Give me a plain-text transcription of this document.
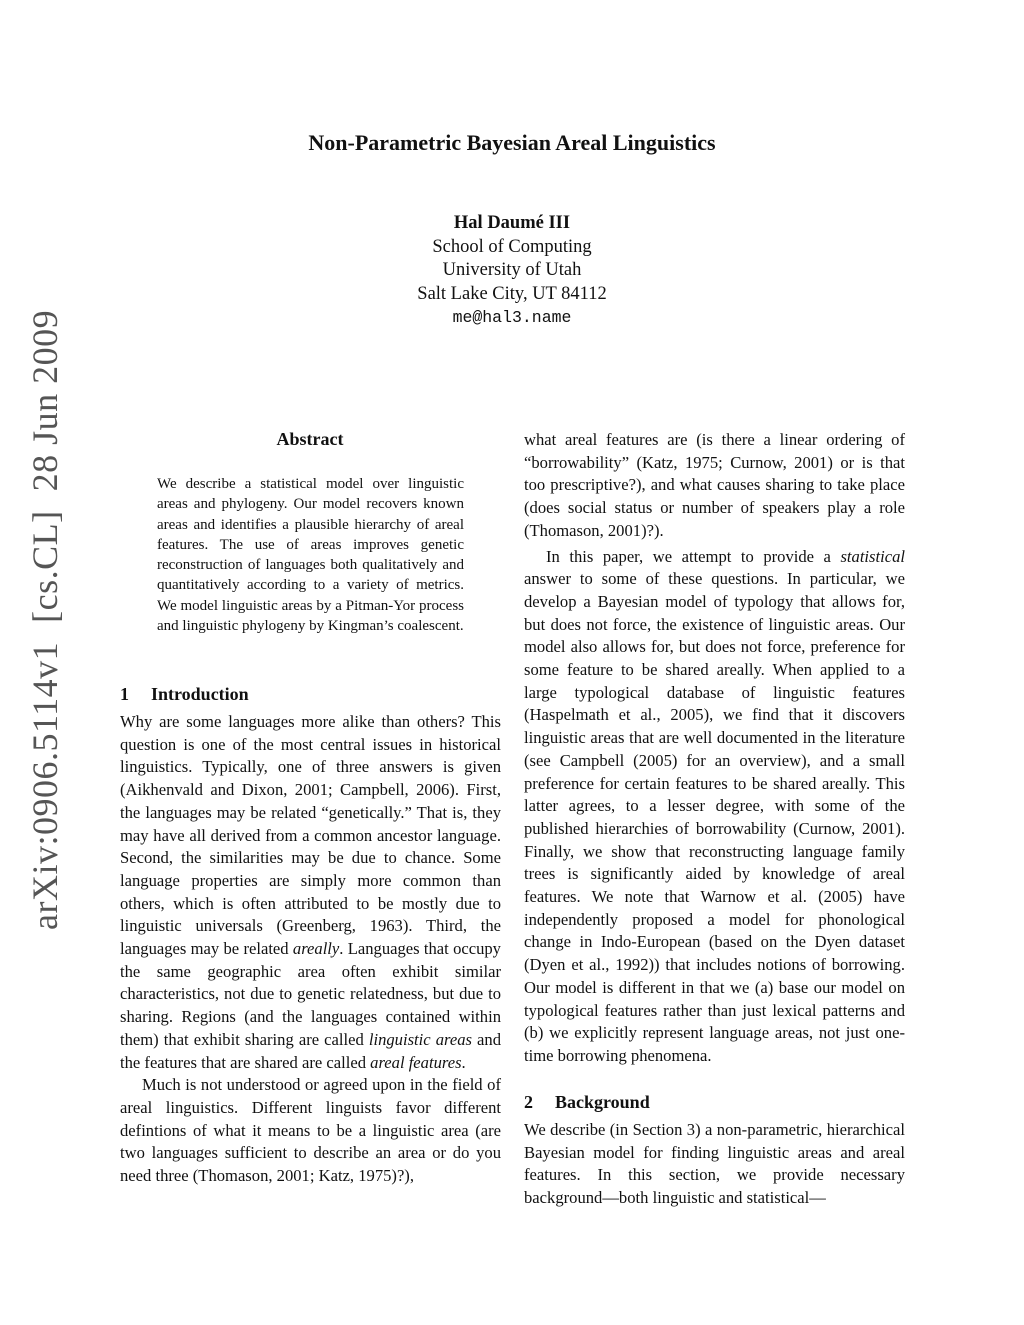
Non-Parametric Bayesian Areal Linguistics
Hal Daumé III
School of Computing
University of Utah
Salt Lake City, UT 84112
me@hal3.name
arXiv:0906.5114v1  [cs.CL]  28 Jun 2009	Abstract
We describe a statistical model over linguistic areas and phylogeny. Our model recovers known areas and identifies a plausible hierarchy of areal features. The use of areas improves genetic reconstruction of languages both qualitatively and quantitatively according to a variety of metrics. We model linguistic areas by a Pitman-Yor process and linguistic phylogeny by Kingman’s coalescent.
1 Introduction

Why are some languages more alike than others? This question is one of the most central issues in historical linguistics. Typically, one of three answers is given (Aikhenvald and Dixon, 2001; Campbell, 2006). First, the languages may be related “genetically.” That is, they may have all derived from a common ancestor language. Second, the similarities may be due to chance. Some language properties are simply more common than others, which is often attributed to be mostly due to linguistic universals (Greenberg, 1963). Third, the languages may be related areally. Languages that occupy the same geographic area often exhibit similar characteristics, not due to genetic relatedness, but due to sharing. Regions (and the languages contained within them) that exhibit sharing are called linguistic areas and the features that are shared are called areal features.

Much is not understood or agreed upon in the field of areal linguistics. Different linguists favor different defintions of what it means to be a linguistic area (are two languages sufficient to describe an area or do you need three (Thomason, 2001; Katz, 1975)?),

what areal features are (is there a linear ordering of “borrowability” (Katz, 1975; Curnow, 2001) or is that too prescriptive?), and what causes sharing to take place (does social status or number of speakers play a role (Thomason, 2001)?).

In this paper, we attempt to provide a statistical answer to some of these questions. In particular, we develop a Bayesian model of typology that allows for, but does not force, the existence of linguistic areas. Our model also allows for, but does not force, preference for some feature to be shared areally. When applied to a large typological database of linguistic features (Haspelmath et al., 2005), we find that it discovers linguistic areas that are well documented in the literature (see Campbell (2005) for an overview), and a small preference for certain features to be shared areally. This latter agrees, to a lesser degree, with some of the published hierarchies of borrowability (Curnow, 2001). Finally, we show that reconstructing language family trees is significantly aided by knowledge of areal features. We note that Warnow et al. (2005) have independently proposed a model for phonological change in Indo-European (based on the Dyen dataset (Dyen et al., 1992)) that includes notions of borrowing. Our model is different in that we (a) base our model on typological features rather than just lexical patterns and (b) we explicitly represent language areas, not just one-time borrowing phenomena.

2 Background

We describe (in Section 3) a non-parametric, hierarchical Bayesian model for finding linguistic areas and areal features. In this section, we provide necessary background—both linguistic and statistical—
